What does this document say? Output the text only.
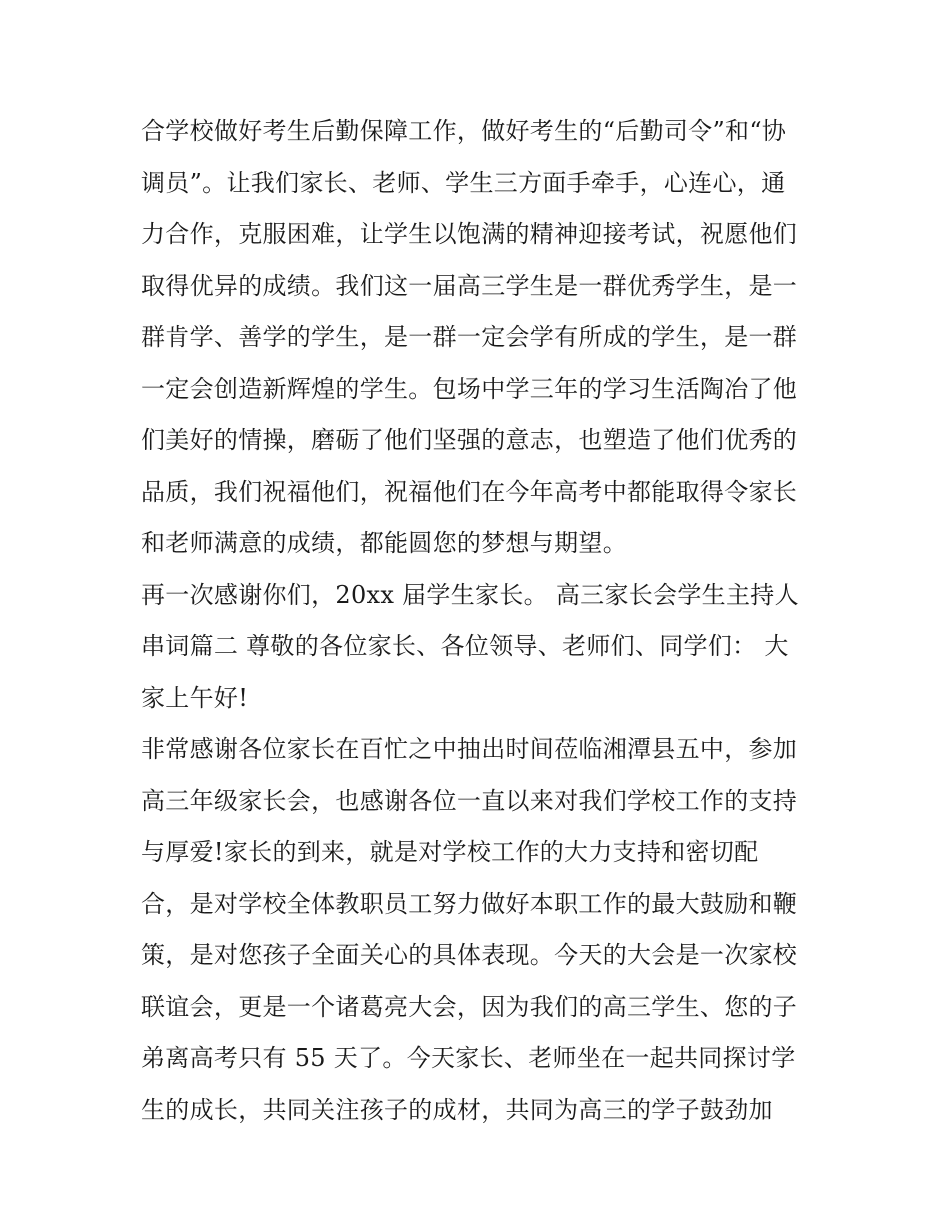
合学校做好考生后勤保障工作，做好考生的“后勤司令”和“协
调员”。让我们家长、老师、学生三方面手牵手，心连心，通
力合作，克服困难，让学生以饱满的精神迎接考试，祝愿他们
取得优异的成绩。我们这一届高三学生是一群优秀学生，是一
群肯学、善学的学生，是一群一定会学有所成的学生，是一群
一定会创造新辉煌的学生。包场中学三年的学习生活陶冶了他
们美好的情操，磨砺了他们坚强的意志，也塑造了他们优秀的
品质，我们祝福他们，祝福他们在今年高考中都能取得令家长
和老师满意的成绩，都能圆您的梦想与期望。
再一次感谢你们，20xx 届学生家长。 高三家长会学生主持人
串词篇二 尊敬的各位家长、各位领导、老师们、同学们： 大
家上午好!
非常感谢各位家长在百忙之中抽出时间莅临湘潭县五中，参加
高三年级家长会，也感谢各位一直以来对我们学校工作的支持
与厚爱!家长的到来，就是对学校工作的大力支持和密切配
合，是对学校全体教职员工努力做好本职工作的最大鼓励和鞭
策，是对您孩子全面关心的具体表现。今天的大会是一次家校
联谊会，更是一个诸葛亮大会，因为我们的高三学生、您的子
弟离高考只有 55 天了。今天家长、老师坐在一起共同探讨学
生的成长，共同关注孩子的成材，共同为高三的学子鼓劲加
